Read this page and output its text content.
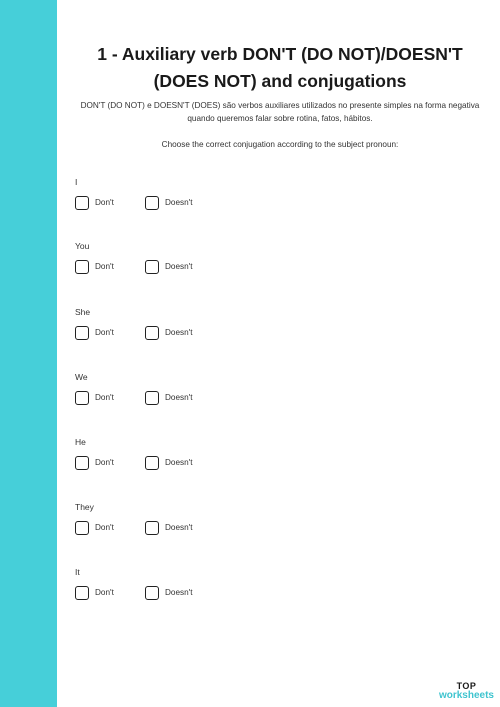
1 - Auxiliary verb DON'T (DO NOT)/DOESN'T (DOES NOT) and conjugations

DON'T (DO NOT) e DOESN'T (DOES) são verbos auxiliares utilizados no presente simples na forma negativa quando queremos falar sobre rotina, fatos, hábitos.

Choose the correct conjugation according to the subject pronoun:

I
Don't	Doesn't
You
Don't	Doesn't
She
Don't	Doesn't
We
Don't	Doesn't
He
Don't	Doesn't
They
Don't	Doesn't
It
Don't	Doesn't
TOP
worksheets
